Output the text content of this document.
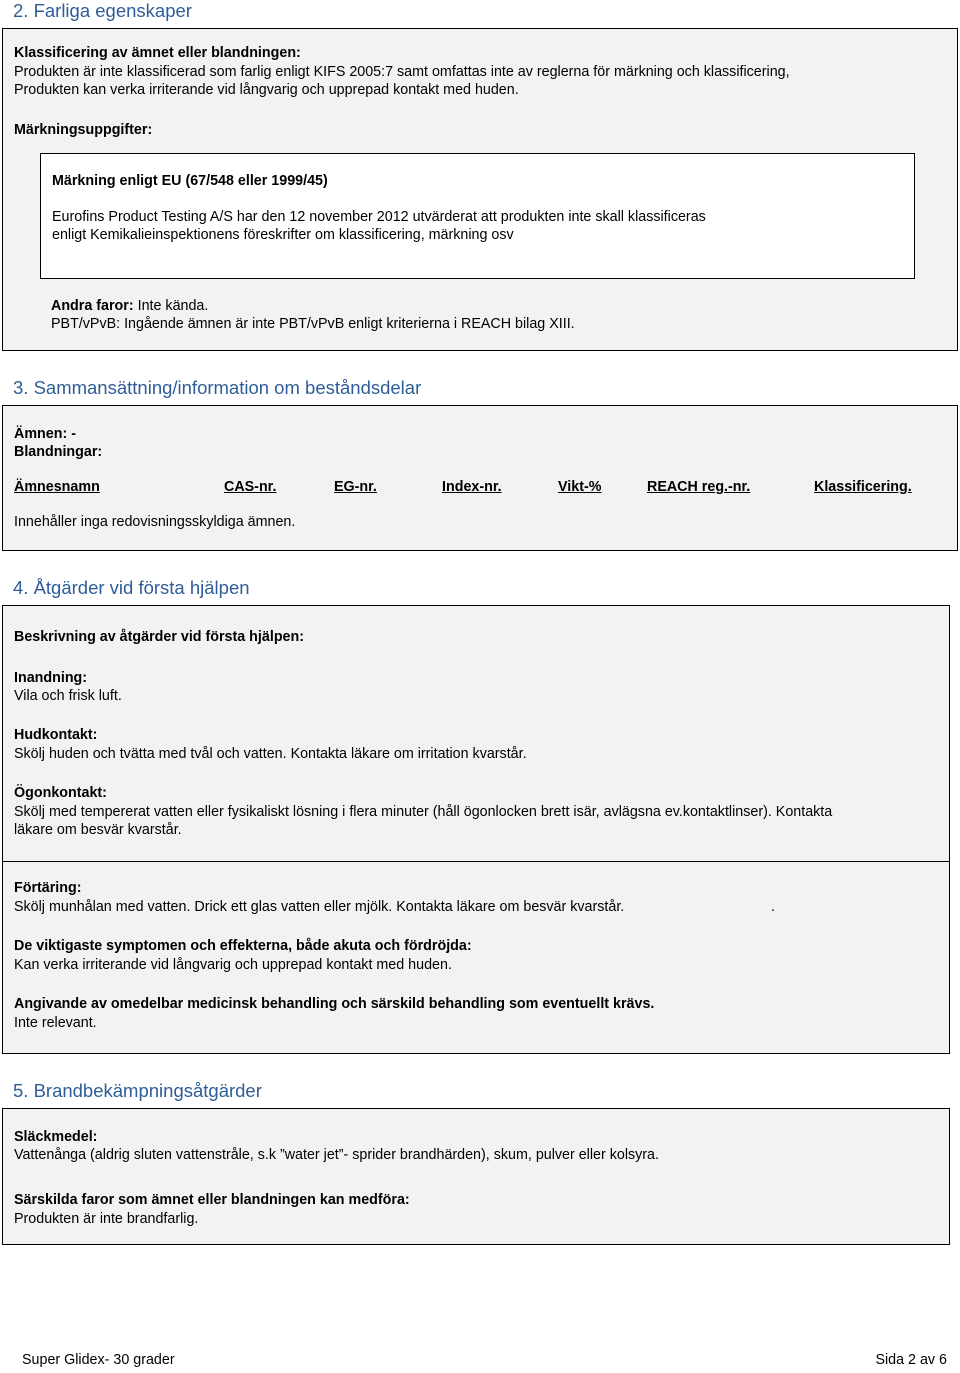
2. Farliga egenskaper
Klassificering av ämnet eller blandningen:
Produkten är inte klassificerad som farlig enligt KIFS 2005:7 samt omfattas inte av reglerna för märkning och klassificering,
Produkten kan verka irriterande vid långvarig och upprepad kontakt med huden.
Märkningsuppgifter:
Märkning enligt EU (67/548 eller 1999/45)
Eurofins Product Testing A/S har den 12 november 2012 utvärderat att produkten inte skall klassificeras
enligt Kemikalieinspektionens föreskrifter om klassificering, märkning osv
Andra faror: Inte kända.
PBT/vPvB: Ingående ämnen är inte PBT/vPvB enligt kriterierna i REACH bilag XIII.
3. Sammansättning/information om beståndsdelar
Ämnen: -
Blandningar:
Ämnesnamn	CAS-nr.	EG-nr.	Index-nr.	Vikt-%	REACH reg.-nr.	Klassificering.
Innehåller inga redovisningsskyldiga ämnen.
4. Åtgärder vid första hjälpen
Beskrivning av åtgärder vid första hjälpen:
Inandning:
Vila och frisk luft.
Hudkontakt:
Skölj huden och tvätta med tvål och vatten. Kontakta läkare om irritation kvarstår.
Ögonkontakt:
Skölj med tempererat vatten eller fysikaliskt lösning i flera minuter (håll ögonlocken brett isär, avlägsna ev.kontaktlinser). Kontakta
läkare om besvär kvarstår.
Förtäring:
Skölj munhålan med vatten. Drick ett glas vatten eller mjölk. Kontakta läkare om besvär kvarstår.	.
De viktigaste symptomen och effekterna, både akuta och fördröjda:
Kan verka irriterande vid långvarig och upprepad kontakt med huden.
Angivande av omedelbar medicinsk behandling och särskild behandling som eventuellt krävs.
Inte relevant.
5. Brandbekämpningsåtgärder
Släckmedel:
Vattenånga (aldrig sluten vattenstråle, s.k ”water jet”- sprider brandhärden), skum, pulver eller kolsyra.
Särskilda faror som ämnet eller blandningen kan medföra:
Produkten är inte brandfarlig.
Super Glidex- 30 grader	Sida 2 av 6
